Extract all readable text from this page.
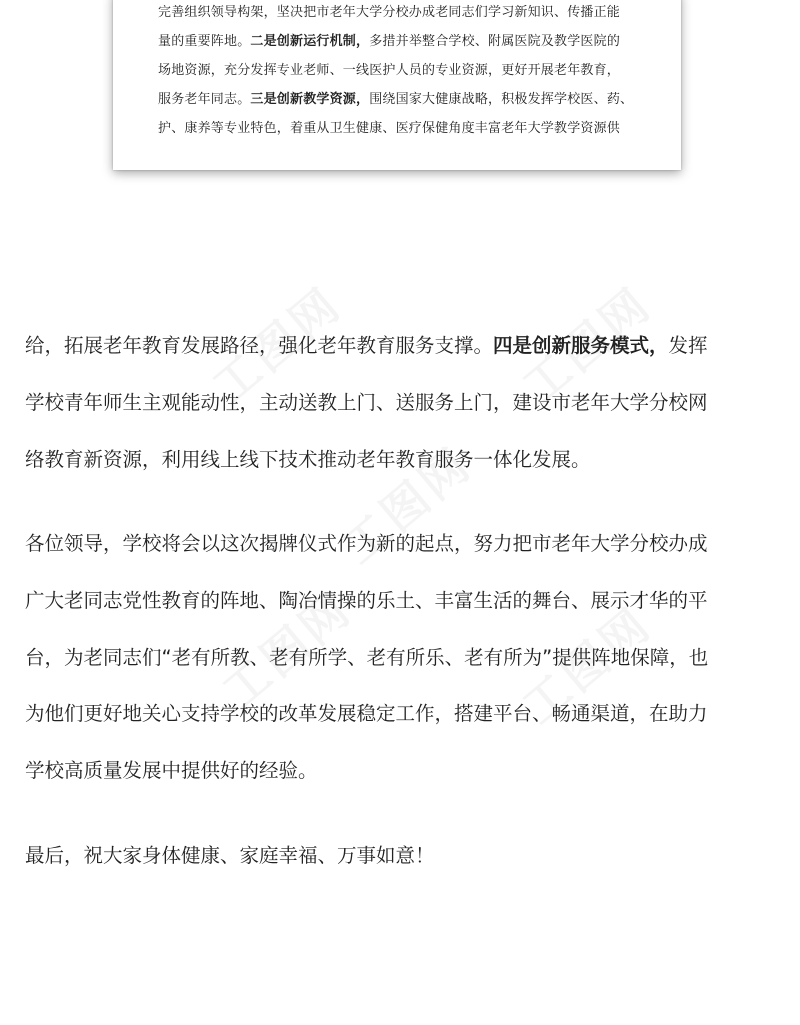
完善组织领导构架，坚决把市老年大学分校办成老同志们学习新知识、传播正能
量的重要阵地。二是创新运行机制，多措并举整合学校、附属医院及教学医院的
场地资源，充分发挥专业老师、一线医护人员的专业资源，更好开展老年教育，
服务老年同志。三是创新教学资源，围绕国家大健康战略，积极发挥学校医、药、
护、康养等专业特色，着重从卫生健康、医疗保健角度丰富老年大学教学资源供
给，拓展老年教育发展路径，强化老年教育服务支撑。四是创新服务模式，发挥
学校青年师生主观能动性，主动送教上门、送服务上门，建设市老年大学分校网
络教育新资源，利用线上线下技术推动老年教育服务一体化发展。
各位领导，学校将会以这次揭牌仪式作为新的起点，努力把市老年大学分校办成
广大老同志党性教育的阵地、陶冶情操的乐土、丰富生活的舞台、展示才华的平
台，为老同志们“老有所教、老有所学、老有所乐、老有所为”提供阵地保障，也
为他们更好地关心支持学校的改革发展稳定工作，搭建平台、畅通渠道，在助力
学校高质量发展中提供好的经验。
最后，祝大家身体健康、家庭幸福、万事如意！
